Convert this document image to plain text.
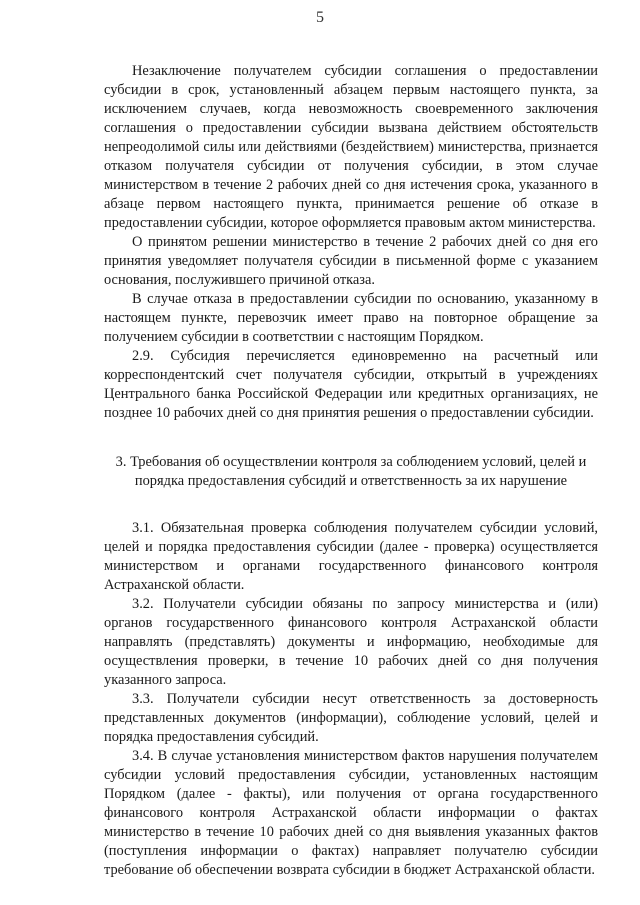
5

Незаключение получателем субсидии соглашения о предоставлении субсидии в срок, установленный абзацем первым настоящего пункта, за исключением случаев, когда невозможность своевременного заключения соглашения о предоставлении субсидии вызвана действием обстоятельств непреодолимой силы или действиями (бездействием) министерства, признается отказом получателя субсидии от получения субсидии, в этом случае министерством в течение 2 рабочих дней со дня истечения срока, указанного в абзаце первом настоящего пункта, принимается решение об отказе в предоставлении субсидии, которое оформляется правовым актом министерства.

О принятом решении министерство в течение 2 рабочих дней со дня его принятия уведомляет получателя субсидии в письменной форме с указанием основания, послужившего причиной отказа.

В случае отказа в предоставлении субсидии по основанию, указанному в настоящем пункте, перевозчик имеет право на повторное обращение за получением субсидии в соответствии с настоящим Порядком.

2.9. Субсидия перечисляется единовременно на расчетный или корреспондентский счет получателя субсидии, открытый в учреждениях Центрального банка Российской Федерации или кредитных организациях, не позднее 10 рабочих дней со дня принятия решения о предоставлении субсидии.

3. Требования об осуществлении контроля за соблюдением условий, целей и порядка предоставления субсидий и ответственность за их нарушение

3.1. Обязательная проверка соблюдения получателем субсидии условий, целей и порядка предоставления субсидии (далее - проверка) осуществляется министерством и органами государственного финансового контроля Астраханской области.

3.2. Получатели субсидии обязаны по запросу министерства и (или) органов государственного финансового контроля Астраханской области направлять (представлять) документы и информацию, необходимые для осуществления проверки, в течение 10 рабочих дней со дня получения указанного запроса.

3.3. Получатели субсидии несут ответственность за достоверность представленных документов (информации), соблюдение условий, целей и порядка предоставления субсидий.

3.4. В случае установления министерством фактов нарушения получателем субсидии условий предоставления субсидии, установленных настоящим Порядком (далее - факты), или получения от органа государственного финансового контроля Астраханской области информации о фактах министерство в течение 10 рабочих дней со дня выявления указанных фактов (поступления информации о фактах) направляет получателю субсидии требование об обеспечении возврата субсидии в бюджет Астраханской области.
